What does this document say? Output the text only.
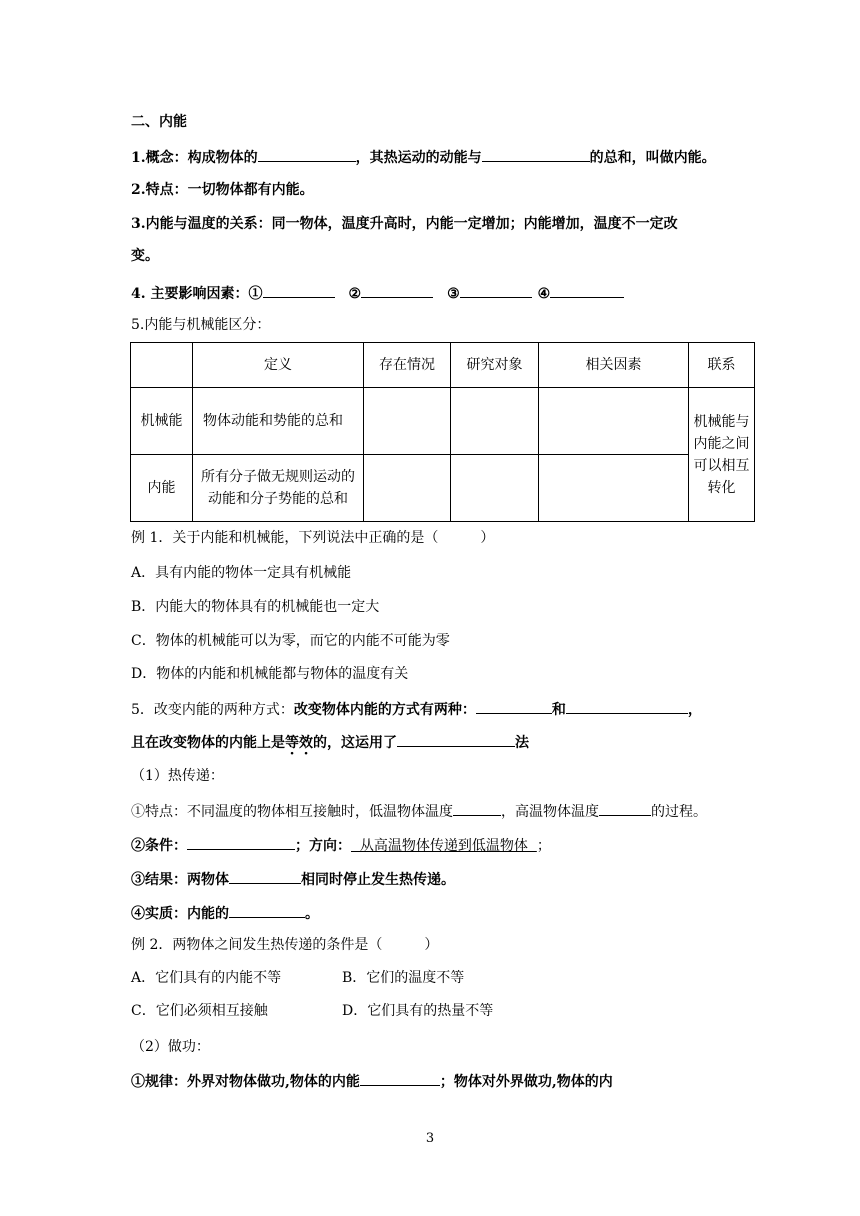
二、内能
1.概念：构成物体的	，其热运动的动能与	的总和，叫做内能。
2.特点：一切物体都有内能。
3.内能与温度的关系：同一物体，温度升高时，内能一定增加；内能增加，温度不一定改
变。
4. 主要影响因素：①	②	③	④
5.内能与机械能区分：
	定义	存在情况	研究对象	相关因素	联系
机械能	物体动能和势能的总和				机械能与
内能之间
可以相互
转化

内能	所有分子做无规则运动的
动能和分子势能的总和				

例 1．关于内能和机械能，下列说法中正确的是（　　　）
A．具有内能的物体一定具有机械能
B．内能大的物体具有的机械能也一定大
C．物体的机械能可以为零，而它的内能不可能为零
D．物体的内能和机械能都与物体的温度有关
5．改变内能的两种方式：改变物体内能的方式有两种：	和	，
且在改变物体的内能上是等效的，这运用了	法
（1）热传递：
①特点：不同温度的物体相互接触时，低温物体温度	，高温物体温度	的过程。
②条件：	；方向：  从高温物体传递到低温物体  ；
③结果：两物体	相同时停止发生热传递。
④实质：内能的	。
例 2．两物体之间发生热传递的条件是（　　　）
A．它们具有的内能不等	B．它们的温度不等
C．它们必须相互接触	D．它们具有的热量不等
（2）做功：
①规律：外界对物体做功,物体的内能	；物体对外界做功,物体的内
3
